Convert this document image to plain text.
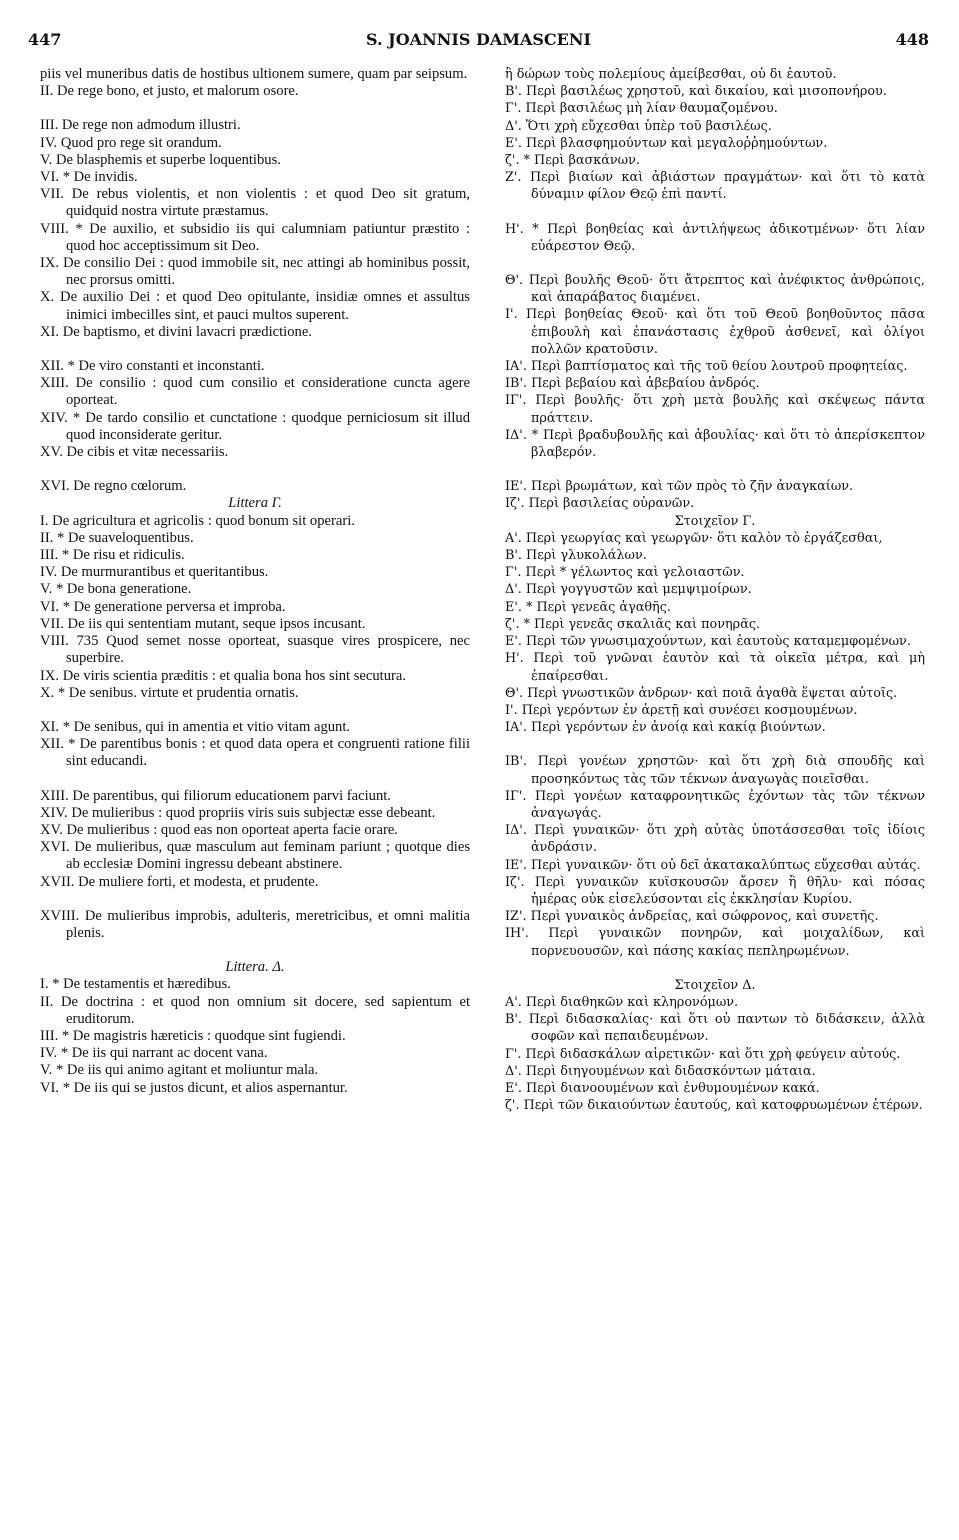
447	S. JOANNIS DAMASCENI	448

piis vel muneribus datis de hostibus ultionem sumere, quam par seipsum.

II. De rege bono, et justo, et malorum osore.

III. De rege non admodum illustri.

IV. Quod pro rege sit orandum.

V. De blasphemis et superbe loquentibus.

VI. * De invidis.

VII. De rebus violentis, et non violentis : et quod Deo sit gratum, quidquid nostra virtute præstamus.

VIII. * De auxilio, et subsidio iis qui calumniam patiuntur præstito : quod hoc acceptissimum sit Deo.

IX. De consilio Dei : quod immobile sit, nec attingi ab hominibus possit, nec prorsus omitti.

X. De auxilio Dei : et quod Deo opitulante, insidiæ omnes et assultus inimici imbecilles sint, et pauci multos superent.

XI. De baptismo, et divini lavacri prædictione.

XII. * De viro constanti et inconstanti.

XIII. De consilio : quod cum consilio et consideratione cuncta agere oporteat.

XIV. * De tardo consilio et cunctatione : quodque perniciosum sit illud quod inconsiderate geritur.

XV. De cibis et vitæ necessariis.

XVI. De regno cœlorum.

Littera Γ.

I. De agricultura et agricolis : quod bonum sit operari.

II. * De suaveloquentibus.

III. * De risu et ridiculis.

IV. De murmurantibus et queritantibus.

V. * De bona generatione.

VI. * De generatione perversa et improba.

VII. De iis qui sententiam mutant, seque ipsos incusant.

VIII. 735 Quod semet nosse oporteat, suasque vires prospicere, nec superbire.

IX. De viris scientia præditis : et qualia bona hos sint secutura.

X. * De senibus. virtute et prudentia ornatis.

XI. * De senibus, qui in amentia et vitio vitam agunt.

XII. * De parentibus bonis : et quod data opera et congruenti ratione filii sint educandi.

XIII. De parentibus, qui filiorum educationem parvi faciunt.

XIV. De mulieribus : quod propriis viris suis subjectæ esse debeant.

XV. De mulieribus : quod eas non oporteat aperta facie orare.

XVI. De mulieribus, quæ masculum aut feminam pariunt ; quotque dies ab ecclesiæ Domini ingressu debeant abstinere.

XVII. De muliere forti, et modesta, et prudente.

XVIII. De mulieribus improbis, adulteris, meretricibus, et omni malitia plenis.

Littera. Δ.

I. * De testamentis et hæredibus.

II. De doctrina : et quod non omnium sit docere, sed sapientum et eruditorum.

III. * De magistris hæreticis : quodque sint fugiendi.

IV. * De iis qui narrant ac docent vana.

V. * De iis qui animo agitant et moliuntur mala.

VI. * De iis qui se justos dicunt, et alios aspernantur.

ἢ δώρων τοὺς πολεμίους ἀμείβεσθαι, οὐ δι ἑαυτοῦ.

Β'. Περὶ βασιλέως χρηστοῦ, καὶ δικαίου, καὶ μισοπονήρου.

Γ'. Περὶ βασιλέως μὴ λίαν θαυμαζομένου.

Δ'. Ὅτι χρὴ εὔχεσθαι ὑπὲρ τοῦ βασιλέως.

Ε'. Περὶ βλασφημούντων καὶ μεγαλοῤῥημούντων.

ζ'. * Περὶ βασκάνων.

Ζ'. Περὶ βιαίων καὶ ἀβιάστων πραγμάτων· καὶ ὅτι τὸ κατὰ δύναμιν φίλον Θεῷ ἐπὶ παντί.

Η'. * Περὶ βοηθείας καὶ ἀντιλήψεως ἀδικοτμένων· ὅτι λίαν εὐάρεστον Θεῷ.

Θ'. Περὶ βουλῆς Θεοῦ· ὅτι ἄτρεπτος καὶ ἀνέφικτος ἀνθρώποις, καὶ ἀπαράβατος διαμένει.

Ι'. Περὶ βοηθείας Θεοῦ· καὶ ὅτι τοῦ Θεοῦ βοηθοῦντος πᾶσα ἐπιβουλὴ καὶ ἐπανάστασις ἐχθροῦ ἀσθενεῖ, καὶ ὀλίγοι πολλῶν κρατοῦσιν.

ΙΑ'. Περὶ βαπτίσματος καὶ τῆς τοῦ θείου λουτροῦ προφητείας.

ΙΒ'. Περὶ βεβαίου καὶ ἀβεβαίου ἀνδρός.

ΙΓ'. Περὶ βουλῆς· ὅτι χρὴ μετὰ βουλῆς καὶ σκέψεως πάντα πράττειν.

ΙΔ'. * Περὶ βραδυβουλῆς καὶ ἀβουλίας· καὶ ὅτι τὸ ἀπερίσκεπτον βλαβερόν.

ΙΕ'. Περὶ βρωμάτων, καὶ τῶν πρὸς τὸ ζῆν ἀναγκαίων.

Ιζ'. Περὶ βασιλείας οὐρανῶν.

Στοιχεῖον Γ.

Α'. Περὶ γεωργίας καὶ γεωργῶν· ὅτι καλὸν τὸ ἐργάζεσθαι,

Β'. Περὶ γλυκολάλων.

Γ'. Περὶ * γέλωντος καὶ γελοιαστῶν.

Δ'. Περὶ γογγυστῶν καὶ μεμψιμοίρων.

Ε'. * Περὶ γενεᾶς ἀγαθῆς.

ζ'. * Περὶ γενεᾶς σκαλιᾶς καὶ πονηρᾶς.

Ε'. Περὶ τῶν γνωσιμαχούντων, καὶ ἑαυτοὺς καταμεμφομένων.

Η'. Περὶ τοῦ γνῶναι ἑαυτὸν καὶ τὰ οἰκεῖα μέτρα, καὶ μὴ ἐπαίρεσθαι.

Θ'. Περὶ γνωστικῶν ἀνδρων· καὶ ποιᾶ ἀγαθὰ ἕψεται αὐτοῖς.

Ι'. Περὶ γερόντων ἐν ἀρετῇ καὶ συνέσει κοσμουμένων.

ΙΑ'. Περὶ γερόντων ἐν ἀνοίᾳ καὶ κακίᾳ βιούντων.

ΙΒ'. Περὶ γονέων χρηστῶν· καὶ ὅτι χρὴ διὰ σπουδῆς καὶ προσηκόντως τὰς τῶν τέκνων ἀναγωγὰς ποιεῖσθαι.

ΙΓ'. Περὶ γονέων καταφρονητικῶς ἐχόντων τὰς τῶν τέκνων ἀναγωγάς.

ΙΔ'. Περὶ γυναικῶν· ὅτι χρὴ αὐτὰς ὑποτάσσεσθαι τοῖς ἰδίοις ἀνδράσιν.

ΙΕ'. Περὶ γυναικῶν· ὅτι οὐ δεῖ ἀκατακαλύπτως εὔχεσθαι αὐτάς.

Ιζ'. Περὶ γυναικῶν κυϊσκουσῶν ἄρσεν ἢ θῆλυ· καὶ πόσας ἡμέρας οὐκ εἰσελεύσονται εἰς ἐκκλησίαν Κυρίου.

ΙΖ'. Περὶ γυναικὸς ἀνδρείας, καὶ σώφρονος, καὶ συνετῆς.

ΙΗ'. Περὶ γυναικῶν πονηρῶν, καὶ μοιχαλίδων, καὶ πορνευουσῶν, καὶ πάσης κακίας πεπληρωμένων.

Στοιχεῖον Δ.

Α'. Περὶ διαθηκῶν καὶ κληρονόμων.

Β'. Περὶ διδασκαλίας· καὶ ὅτι οὐ παντων τὸ διδάσκειν, ἀλλὰ σοφῶν καὶ πεπαιδευμένων.

Γ'. Περὶ διδασκάλων αἱρετικῶν· καὶ ὅτι χρὴ φεύγειν αὐτούς.

Δ'. Περὶ διηγουμένων καὶ διδασκόντων μάταια.

Ε'. Περὶ διανοουμένων καὶ ἐνθυμουμένων κακά.

ζ'. Περὶ τῶν δικαιούντων ἑαυτούς, καὶ κατοφρυωμένων ἑτέρων.
